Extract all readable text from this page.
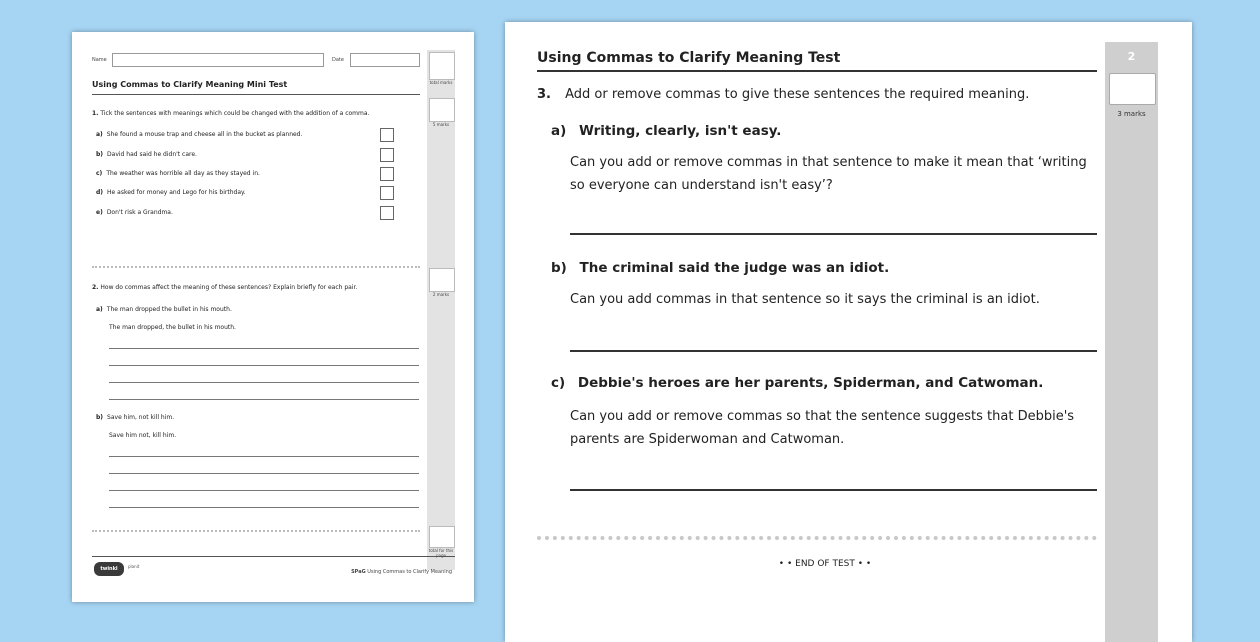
Name	Date
Using Commas to Clarify Meaning Mini Test
1. Tick the sentences with meanings which could be changed with the addition of a comma.
a) She found a mouse trap and cheese all in the bucket as planned.
b) David had said he didn't care.
c) The weather was horrible all day as they stayed in.
d) He asked for money and Lego for his birthday.
e) Don't risk a Grandma.
2. How do commas affect the meaning of these sentences? Explain briefly for each pair.
a) The man dropped the bullet in his mouth.
The man dropped, the bullet in his mouth.
b) Save him, not kill him.
Save him not, kill him.
total marks
5 marks
2 marks
total for this
twinkl	planit
SPaG Using Commas to Clarify Meaning
Using Commas to Clarify Meaning Test
3. Add or remove commas to give these sentences the required meaning.
a) Writing, clearly, isn't easy.
Can you add or remove commas in that sentence to make it mean that ‘writing so everyone can understand isn't easy’?
b) The criminal said the judge was an idiot.
Can you add commas in that sentence so it says the criminal is an idiot.
c) Debbie's heroes are her parents, Spiderman, and Catwoman.
Can you add or remove commas so that the sentence suggests that Debbie's parents are Spiderwoman and Catwoman.
• • END OF TEST • •
2
3 marks
